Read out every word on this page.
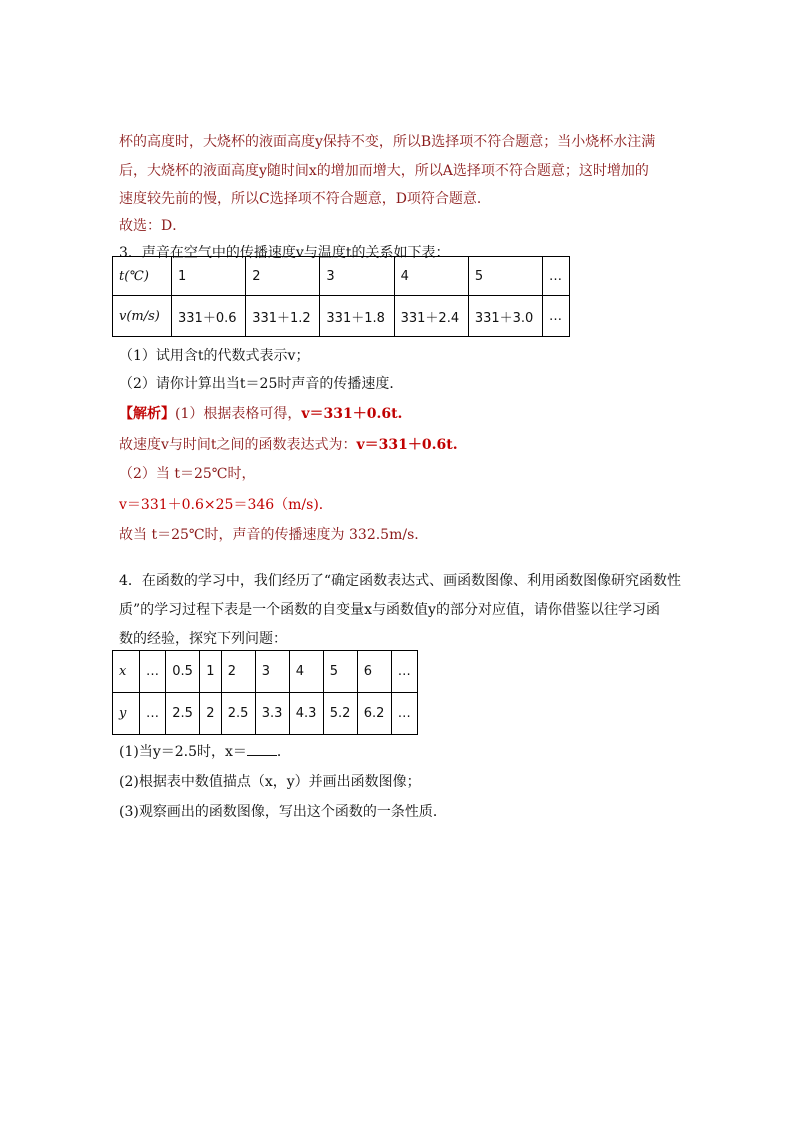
杯的高度时，大烧杯的液面高度y保持不变，所以B选择项不符合题意；当小烧杯水注满
后，大烧杯的液面高度y随时间x的增加而增大，所以A选择项不符合题意；这时增加的
速度较先前的慢，所以C选择项不符合题意，D项符合题意．
故选：D．
3．声音在空气中的传播速度v与温度t的关系如下表：
t(℃)	1	2	3	4	5	…
v(m/s)	331＋0.6	331＋1.2	331＋1.8	331＋2.4	331＋3.0	…
（1）试用含t的代数式表示v；
（2）请你计算出当t＝25时声音的传播速度．
【解析】(1）根据表格可得，v＝331＋0.6t.
故速度v与时间t之间的函数表达式为：v＝331＋0.6t.
（2）当 t＝25℃时，
v＝331＋0.6×25＝346（m/s)．
故当 t＝25℃时，声音的传播速度为 332.5m/s.
4．在函数的学习中，我们经历了“确定函数表达式、画函数图像、利用函数图像研究函数性
质”的学习过程下表是一个函数的自变量x与函数值y的部分对应值，请你借鉴以往学习函
数的经验，探究下列问题：
x	…	0.5	1	2	3	4	5	6	…
y	…	2.5	2	2.5	3.3	4.3	5.2	6.2	…
(1)当y＝2.5时，x＝ ．
(2)根据表中数值描点（x，y）并画出函数图像；
(3)观察画出的函数图像，写出这个函数的一条性质．
